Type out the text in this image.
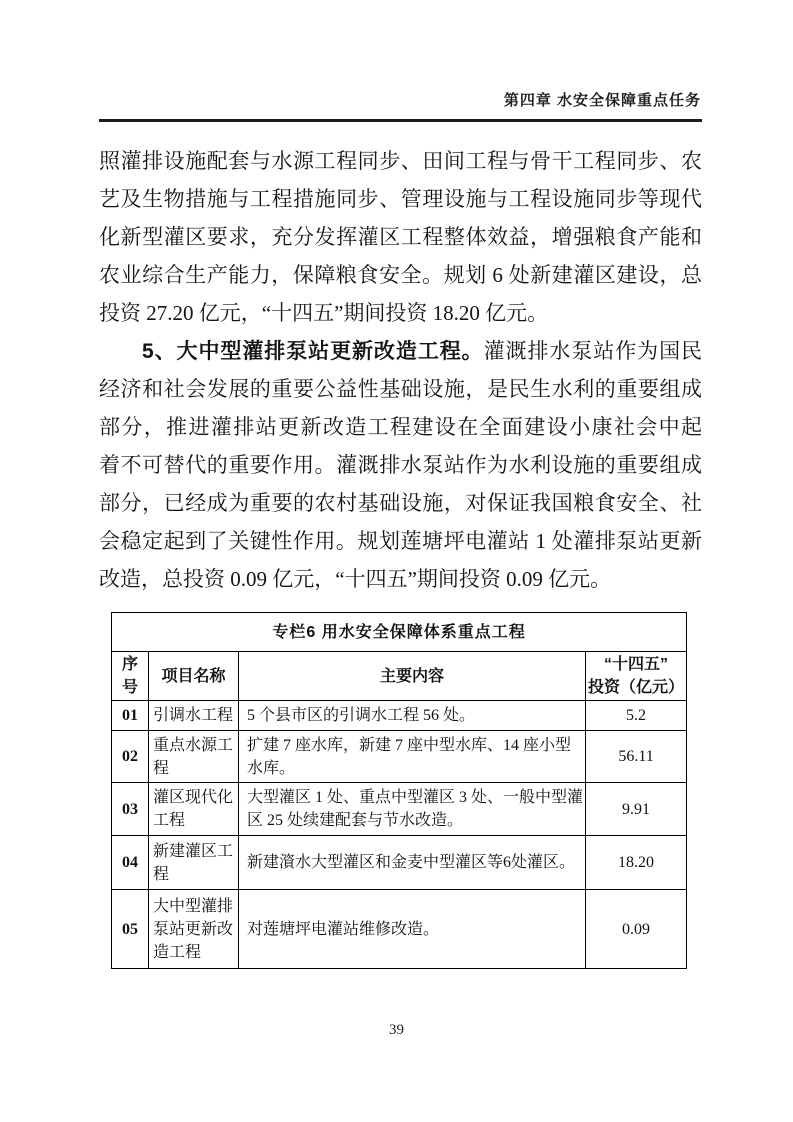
第四章 水安全保障重点任务
照灌排设施配套与水源工程同步、田间工程与骨干工程同步、农
艺及生物措施与工程措施同步、管理设施与工程设施同步等现代
化新型灌区要求，充分发挥灌区工程整体效益，增强粮食产能和
农业综合生产能力，保障粮食安全。规划 6 处新建灌区建设，总
投资 27.20 亿元，“十四五”期间投资 18.20 亿元。
5、大中型灌排泵站更新改造工程。灌溉排水泵站作为国民
经济和社会发展的重要公益性基础设施，是民生水利的重要组成
部分，推进灌排站更新改造工程建设在全面建设小康社会中起
着不可替代的重要作用。灌溉排水泵站作为水利设施的重要组成
部分，已经成为重要的农村基础设施，对保证我国粮食安全、社
会稳定起到了关键性作用。规划莲塘坪电灌站 1 处灌排泵站更新
改造，总投资 0.09 亿元，“十四五”期间投资 0.09 亿元。
专栏6 用水安全保障体系重点工程			
序号	项目名称	主要内容	“十四五”
投资（亿元）

01	引调水工程	5 个县市区的引调水工程 56 处。	5.2
02	重点水源工程	扩建 7 座水库，新建 7 座中型水库、14 座小型水库。	56.11
03	灌区现代化工程	大型灌区 1 处、重点中型灌区 3 处、一般中型灌区 25 处续建配套与节水改造。	9.91
04	新建灌区工程	新建澬水大型灌区和金麦中型灌区等6处灌区。	18.20
05	大中型灌排泵站更新改造工程	对莲塘坪电灌站维修改造。	0.09
39
